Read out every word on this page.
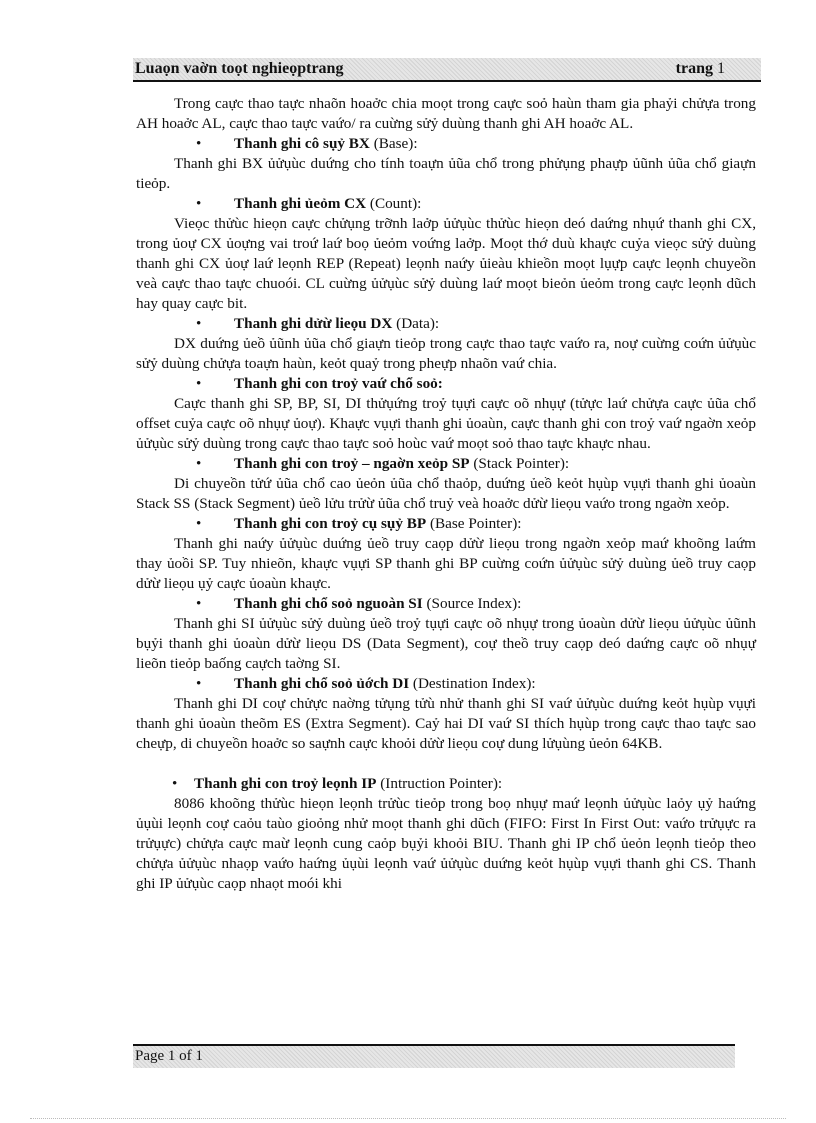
Luaọn vaờn toọt nghieọptrang	trang 1

Trong caực thao taực nhaõn hoaởc chia moọt trong caực soỏ haùn tham gia phaỷi chửựa trong AH hoaởc AL, caực thao taực vaứo/ ra cuừng sửỷ duùng thanh ghi AH hoaởc AL.

• Thanh ghi cô sụỷ BX (Base):

Thanh ghi BX ủửụùc duứng cho tính toaựn ủũa chổ trong phửụng phaựp ủũnh ủũa chổ giaựn tieỏp.

• Thanh ghi ủeỏm CX (Count):

Vieọc thửùc hieọn caực chửụng trỡnh laởp ủửụùc thửùc hieọn deó daứng nhụứ thanh ghi CX, trong ủoự CX ủoựng vai troứ laứ boọ ủeỏm voứng laởp. Moọt thớ duù khaực cuỷa vieọc sửỷ duùng thanh ghi CX ủoự laứ leọnh REP (Repeat) leọnh naứy ủieàu khieồn moọt lụựp caực leọnh chuyeồn veà caực thao taực chuoói. CL cuừng ủửụùc sửỷ duùng laứ moọt bieỏn ủeỏm trong caực leọnh dũch hay quay caực bit.

• Thanh ghi dửừ lieọu DX (Data):

DX duứng ủeồ ủũnh ủũa chổ giaựn tieỏp trong caực thao taực vaứo ra, noự cuừng coứn ủửụùc sửỷ duùng chửựa toaựn haùn, keỏt quaỷ trong pheựp nhaõn vaứ chia.

• Thanh ghi con troỷ vaứ chổ soỏ:

Caực thanh ghi SP, BP, SI, DI thửụứng troỷ tụựi caực oõ nhụự (tửực laứ chửựa caực ủũa chổ offset cuỷa caực oõ nhụự ủoự). Khaực vụựi thanh ghi ủoaùn, caực thanh ghi con troỷ vaứ ngaờn xeỏp ủửụùc sửỷ duùng trong caực thao taực soỏ hoùc vaứ moọt soỏ thao taực khaực nhau.

• Thanh ghi con troỷ – ngaờn xeỏp SP (Stack Pointer):

Di chuyeồn tửứ ủũa chổ cao ủeỏn ủũa chổ thaỏp, duứng ủeồ keỏt hụùp vụựi thanh ghi ủoaùn Stack SS (Stack Segment) ủeồ lửu trửừ ủũa chổ truỷ veà hoaởc dửừ lieọu vaứo trong ngaờn xeỏp.

• Thanh ghi con troỷ cụ sụỷ BP (Base Pointer):

Thanh ghi naứy ủửụùc duứng ủeồ truy caọp dửừ lieọu trong ngaờn xeỏp maứ khoõng laứm thay ủoồi SP. Tuy nhieõn, khaực vụựi SP thanh ghi BP cuừng coứn ủửụùc sửỷ duùng ủeồ truy caọp dửừ lieọu ụỷ caực ủoaùn khaực.

• Thanh ghi chổ soỏ nguoàn SI (Source Index):

Thanh ghi SI ủửụùc sửỷ duùng ủeồ troỷ tụựi caực oõ nhụự trong ủoaùn dửừ lieọu ủửụùc ủũnh bụỷi thanh ghi ủoaùn dửừ lieọu DS (Data Segment), coự theồ truy caọp deó daứng caực oõ nhụự lieõn tieỏp baống caựch taờng SI.

• Thanh ghi chổ soỏ ủớch DI (Destination Index):

Thanh ghi DI coự chửực naờng tửụng tửù nhử thanh ghi SI vaứ ủửụùc duứng keỏt hụùp vụựi thanh ghi ủoaùn theõm ES (Extra Segment). Caỷ hai DI vaứ SI thích hụùp trong caực thao taực sao cheựp, di chuyeồn hoaởc so saựnh caực khoỏi dửừ lieọu coự dung lửụùng ủeỏn 64KB.

• Thanh ghi con troỷ leọnh IP (Intruction Pointer):

8086 khoõng thửùc hieọn leọnh trửùc tieỏp trong boọ nhụự maứ leọnh ủửụùc laỏy ụỷ haứng ủụùi leọnh coự caỏu taùo gioỏng nhử moọt thanh ghi dũch (FIFO: First In First Out: vaứo trửụực ra trửụực) chửựa caực maừ leọnh cung caỏp bụỷi khoỏi BIU. Thanh ghi IP chổ ủeỏn leọnh tieỏp theo chửựa ủửụùc nhaọp vaứo haứng ủụùi leọnh vaứ ủửụùc duứng keỏt hụùp vụựi thanh ghi CS. Thanh ghi IP ủửụùc caọp nhaọt moói khi

Page 1 of 1
